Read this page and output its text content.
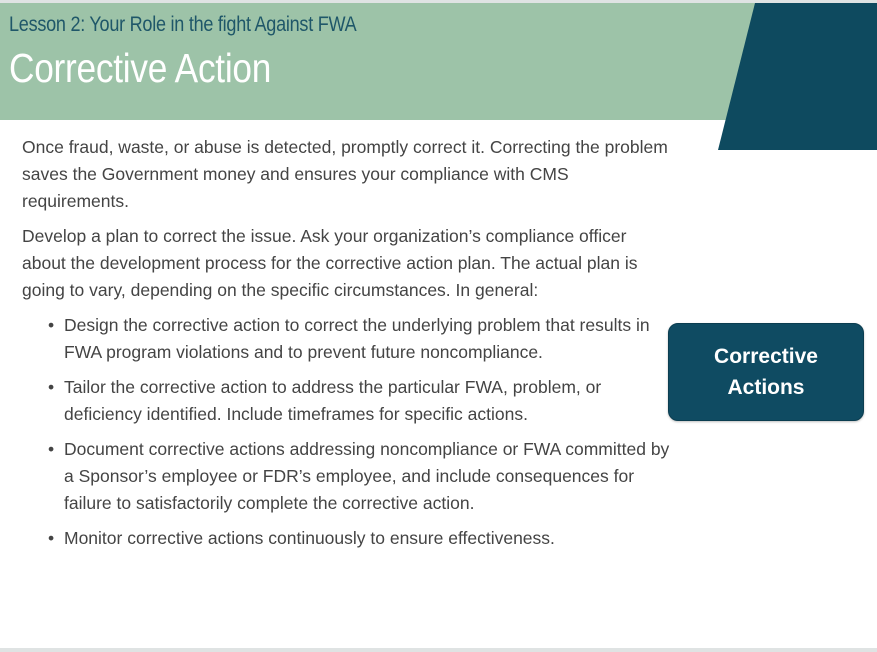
Lesson 2: Your Role in the fight Against FWA
Corrective Action

Once fraud, waste, or abuse is detected, promptly correct it. Correcting the problem saves the Government money and ensures your compliance with CMS requirements.

Develop a plan to correct the issue. Ask your organization’s compliance officer about the development process for the corrective action plan. The actual plan is going to vary, depending on the specific circumstances. In general:

• Design the corrective action to correct the underlying problem that results in FWA program violations and to prevent future noncompliance.
• Tailor the corrective action to address the particular FWA, problem, or deficiency identified. Include timeframes for specific actions.
• Document corrective actions addressing noncompliance or FWA committed by a Sponsor’s employee or FDR’s employee, and include consequences for failure to satisfactorily complete the corrective action.
• Monitor corrective actions continuously to ensure effectiveness.
Corrective
Actions
